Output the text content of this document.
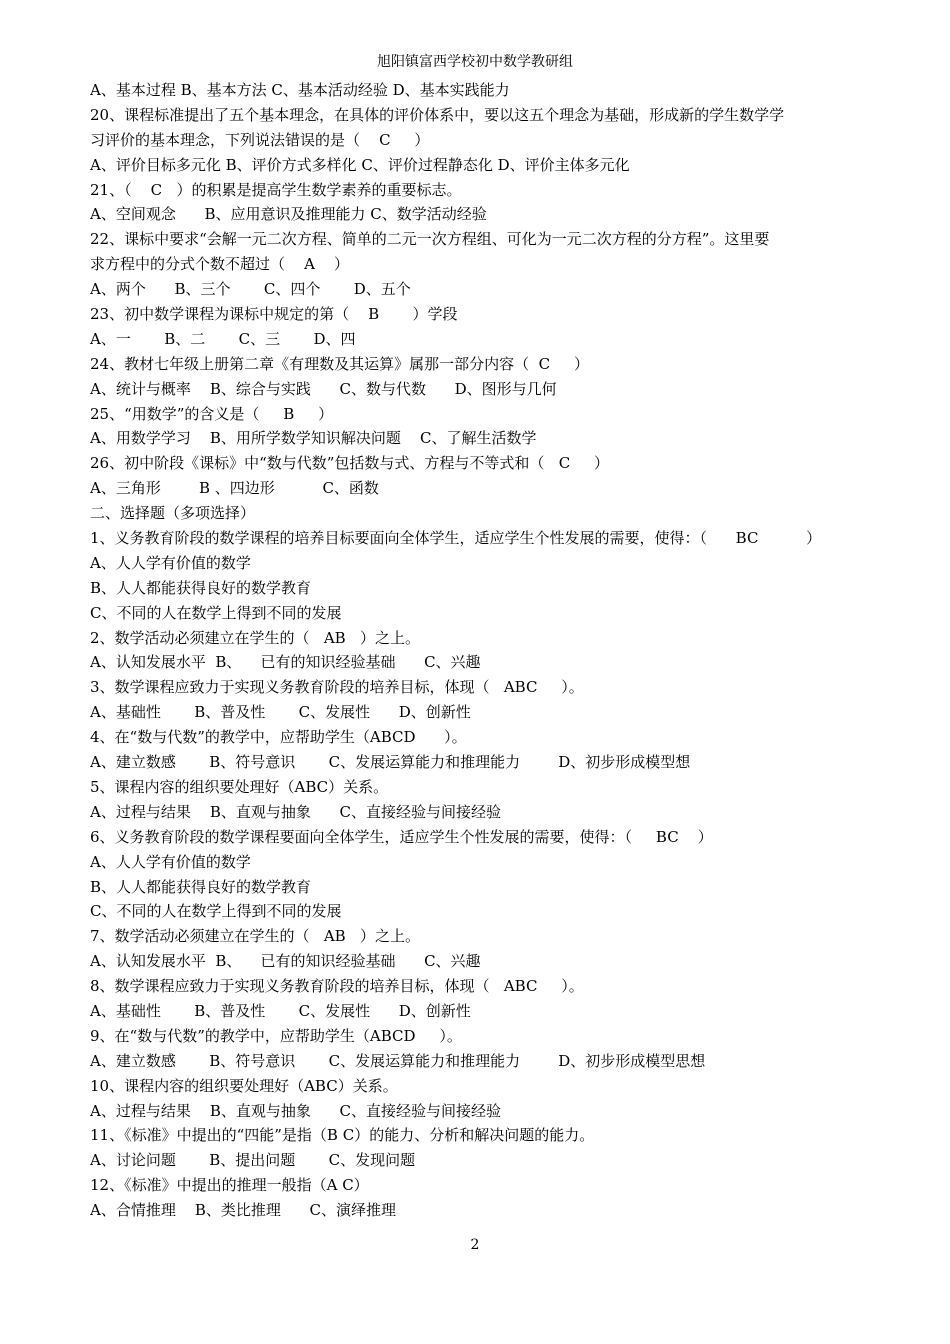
旭阳镇富西学校初中数学教研组
A、基本过程 B、基本方法 C、基本活动经验 D、基本实践能力
20、课程标准提出了五个基本理念，在具体的评价体系中，要以这五个理念为基础，形成新的学生数学学
习评价的基本理念，下列说法错误的是（    C     ）
A、评价目标多元化 B、评价方式多样化 C、评价过程静态化 D、评价主体多元化
21、（    C   ）的积累是提高学生数学素养的重要标志。
A、空间观念      B、应用意识及推理能力 C、数学活动经验
22、课标中要求“会解一元二次方程、简单的二元一次方程组、可化为一元二次方程的分方程”。这里要
求方程中的分式个数不超过（    A    ）
A、两个      B、三个       C、四个       D、五个
23、初中数学课程为课标中规定的第（    B       ）学段
A、一       B、二       C、三       D、四
24、教材七年级上册第二章《有理数及其运算》属那一部分内容（  C     ）
A、统计与概率    B、综合与实践      C、数与代数      D、图形与几何
25、“用数学”的含义是（     B     ）
A、用数学学习    B、用所学数学知识解决问题    C、了解生活数学
26、初中阶段《课标》中“数与代数”包括数与式、方程与不等式和（   C     ）
A、三角形        B 、四边形          C、函数
二、选择题（多项选择）
1、义务教育阶段的数学课程的培养目标要面向全体学生，适应学生个性发展的需要，使得：（      BC          ）
A、人人学有价值的数学
B、人人都能获得良好的数学教育
C、不同的人在数学上得到不同的发展
2、数学活动必须建立在学生的（   AB   ）之上。
A、认知发展水平  B、    已有的知识经验基础      C、兴趣
3、数学课程应致力于实现义务教育阶段的培养目标，体现（   ABC     ）。
A、基础性       B、普及性       C、发展性      D、创新性
4、在“数与代数”的教学中，应帮助学生（ABCD      ）。
A、建立数感       B、符号意识       C、发展运算能力和推理能力        D、初步形成模型想
5、课程内容的组织要处理好（ABC）关系。
A、过程与结果    B、直观与抽象      C、直接经验与间接经验
6、义务教育阶段的数学课程要面向全体学生，适应学生个性发展的需要，使得：（     BC    ）
A、人人学有价值的数学
B、人人都能获得良好的数学教育
C、不同的人在数学上得到不同的发展
7、数学活动必须建立在学生的（   AB   ）之上。
A、认知发展水平  B、    已有的知识经验基础      C、兴趣
8、数学课程应致力于实现义务教育阶段的培养目标，体现（   ABC     ）。
A、基础性       B、普及性       C、发展性      D、创新性
9、在“数与代数”的教学中，应帮助学生（ABCD     ）。
A、建立数感       B、符号意识       C、发展运算能力和推理能力        D、初步形成模型思想
10、课程内容的组织要处理好（ABC）关系。
A、过程与结果    B、直观与抽象      C、直接经验与间接经验
11、《标准》中提出的“四能”是指（B C）的能力、分析和解决问题的能力。
A、讨论问题       B、提出问题       C、发现问题
12、《标准》中提出的推理一般指（A C）
A、合情推理    B、类比推理      C、演绎推理
2
